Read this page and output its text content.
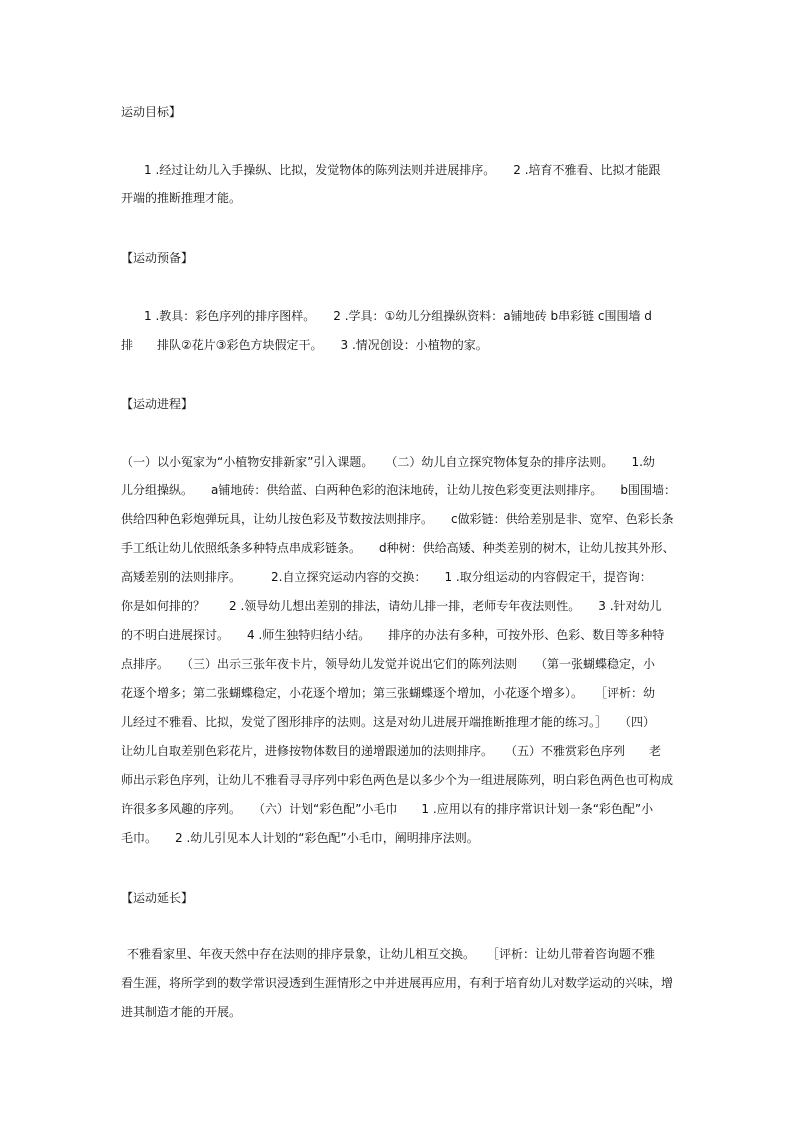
运动目标】
1 .经过让幼儿入手操纵、比拟，发觉物体的陈列法则并进展排序。　　2 .培育不雅看、比拟才能跟
开端的推断推理才能。
【运动预备】
1 .教具：彩色序列的排序图样。　　2 .学具：①幼儿分组操纵资料：a铺地砖 b串彩链 c围围墙 d
排　　排队②花片③彩色方块假定干。　　3 .情况创设：小植物的家。
【运动进程】
（一）以小冤家为“小植物安排新家”引入课题。　　（二）幼儿自立探究物体复杂的排序法则。　　1.幼
儿分组操纵。　　a铺地砖：供给蓝、白两种色彩的泡沫地砖，让幼儿按色彩变更法则排序。　　b围围墙：
供给四种色彩炮弹玩具，让幼儿按色彩及节数按法则排序。　　c做彩链：供给差别是非、宽窄、色彩长条
手工纸让幼儿依照纸条多种特点串成彩链条。　　d种树：供给高矮、种类差别的树木，让幼儿按其外形、
高矮差别的法则排序。　　　2.自立探究运动内容的交换：　　1 .取分组运动的内容假定干，提咨询：
你是如何排的？　　2 .领导幼儿想出差别的排法，请幼儿排一排，老师专年夜法则性。　　3 .针对幼儿
的不明白进展探讨。　　4 .师生独特归结小结。　　排序的办法有多种，可按外形、色彩、数目等多种特
点排序。　　（三）出示三张年夜卡片，领导幼儿发觉并说出它们的陈列法则　　（第一张蝴蝶稳定，小
花逐个增多；第二张蝴蝶稳定，小花逐个增加；第三张蝴蝶逐个增加，小花逐个增多）。　　［评析：幼
儿经过不雅看、比拟，发觉了图形排序的法则。这是对幼儿进展开端推断推理才能的练习。］　　（四）
让幼儿自取差别色彩花片，进修按物体数目的递增跟递加的法则排序。　　（五）不雅赏彩色序列　　老
师出示彩色序列，让幼儿不雅看寻寻序列中彩色两色是以多少个为一组进展陈列，明白彩色两色也可构成
许很多多风趣的序列。　　（六）计划“彩色配”小毛巾　　1 .应用以有的排序常识计划一条“彩色配”小
毛巾。　　2 .幼儿引见本人计划的“彩色配”小毛巾，阐明排序法则。
【运动延长】
不雅看家里、年夜天然中存在法则的排序景象，让幼儿相互交换。　　［评析：让幼儿带着咨询题不雅
看生涯，将所学到的数学常识浸透到生涯情形之中并进展再应用，有利于培育幼儿对数学运动的兴味，增
进其制造才能的开展。
